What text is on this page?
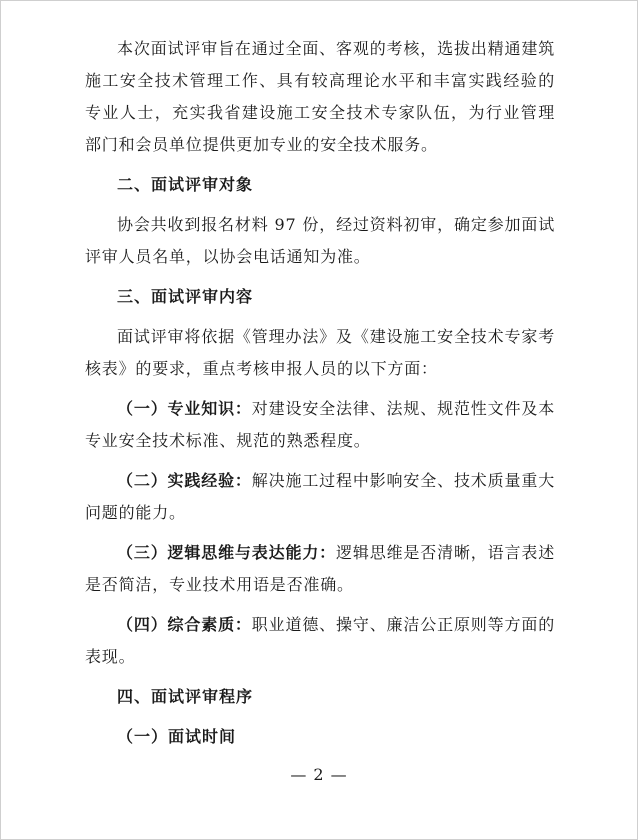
本次面试评审旨在通过全面、客观的考核，选拔出精通建筑施工安全技术管理工作、具有较高理论水平和丰富实践经验的专业人士，充实我省建设施工安全技术专家队伍，为行业管理部门和会员单位提供更加专业的安全技术服务。

二、面试评审对象

协会共收到报名材料 97 份，经过资料初审，确定参加面试评审人员名单，以协会电话通知为准。

三、面试评审内容

面试评审将依据《管理办法》及《建设施工安全技术专家考核表》的要求，重点考核申报人员的以下方面：

（一）专业知识：对建设安全法律、法规、规范性文件及本专业安全技术标准、规范的熟悉程度。

（二）实践经验：解决施工过程中影响安全、技术质量重大问题的能力。

（三）逻辑思维与表达能力：逻辑思维是否清晰，语言表述是否简洁，专业技术用语是否准确。

（四）综合素质：职业道德、操守、廉洁公正原则等方面的表现。

四、面试评审程序

（一）面试时间

— 2 —
